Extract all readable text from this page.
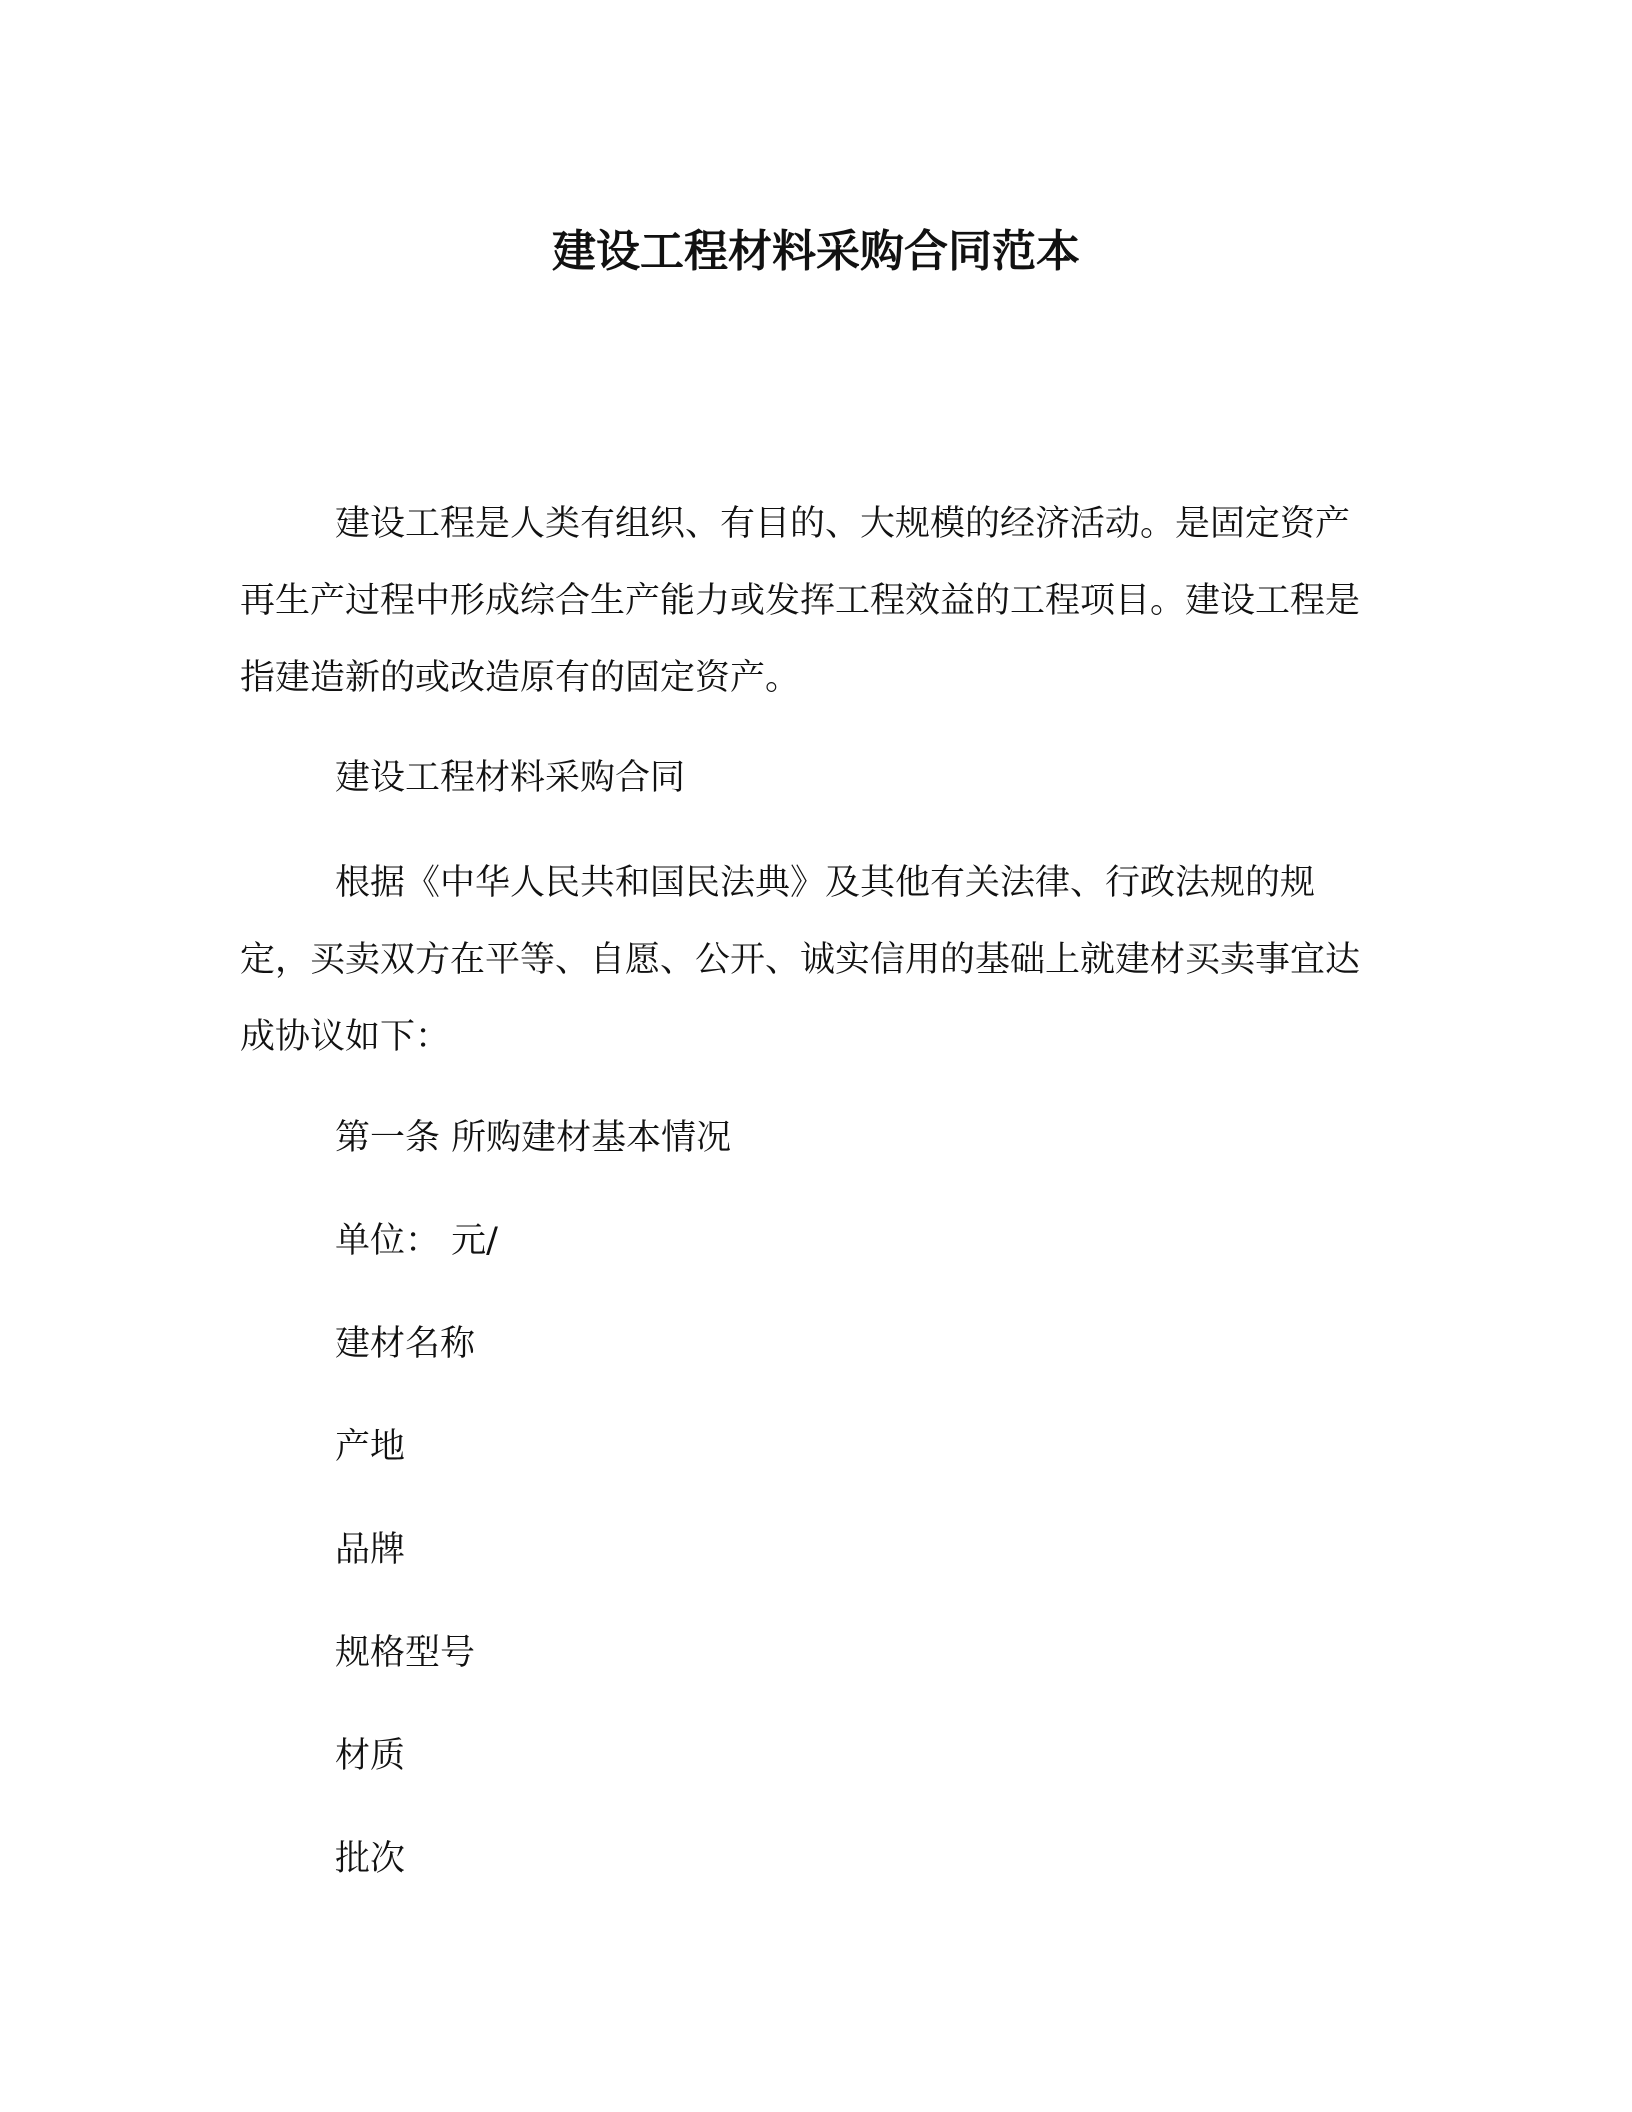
建设工程材料采购合同范本

建设工程是人类有组织、有目的、大规模的经济活动。是固定资产再生产过程中形成综合生产能力或发挥工程效益的工程项目。建设工程是指建造新的或改造原有的固定资产。

建设工程材料采购合同

根据《中华人民共和国民法典》及其他有关法律、行政法规的规定，买卖双方在平等、自愿、公开、诚实信用的基础上就建材买卖事宜达成协议如下：

第一条 所购建材基本情况

单位： 元/

建材名称

产地

品牌

规格型号

材质

批次
